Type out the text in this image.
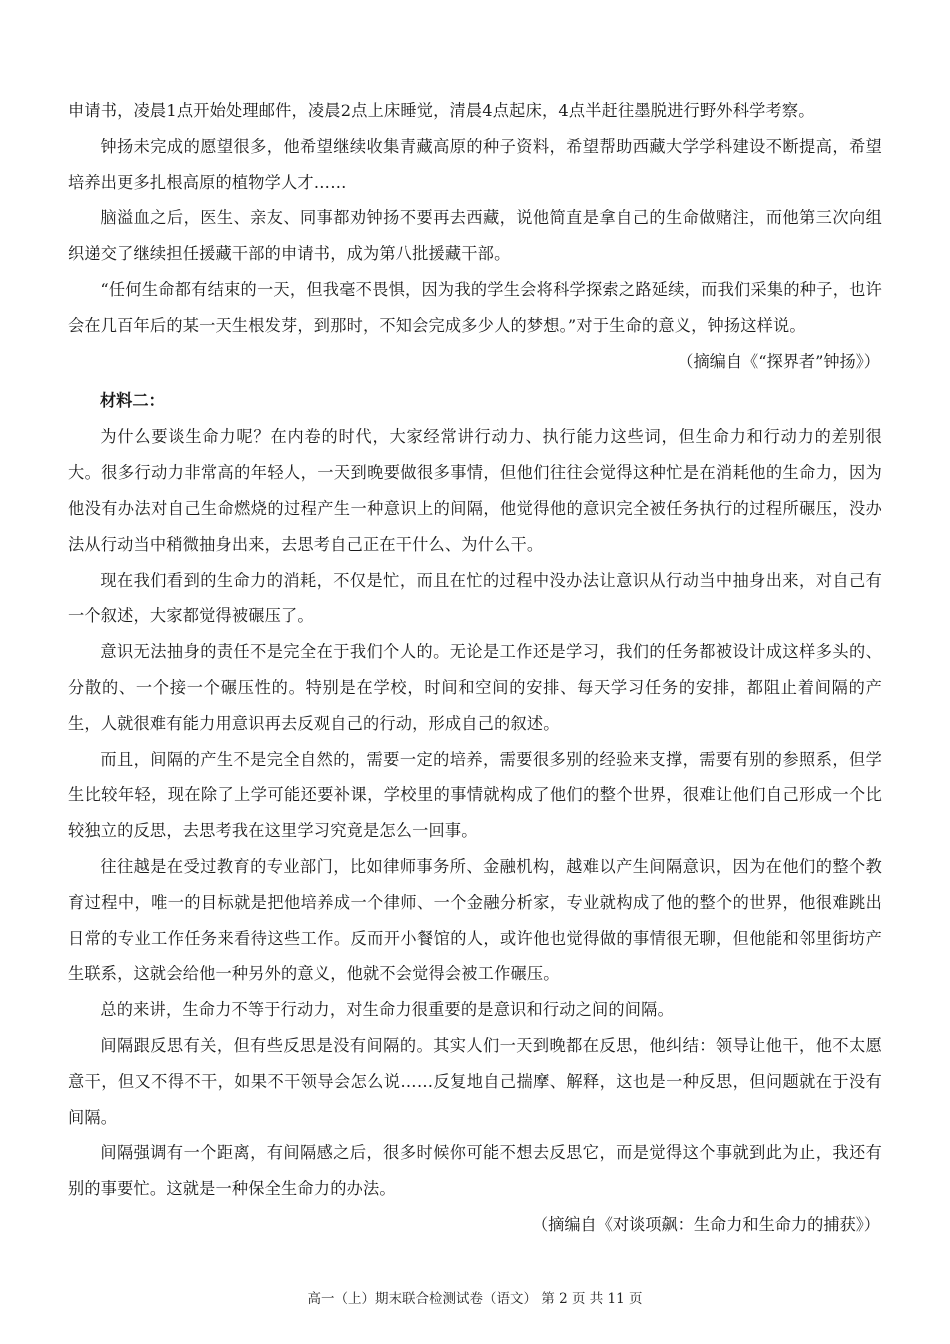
申请书，凌晨1点开始处理邮件，凌晨2点上床睡觉，清晨4点起床，4点半赶往墨脱进行野外科学考察。

钟扬未完成的愿望很多，他希望继续收集青藏高原的种子资料，希望帮助西藏大学学科建设不断提高，希望培养出更多扎根高原的植物学人才……

脑溢血之后，医生、亲友、同事都劝钟扬不要再去西藏，说他简直是拿自己的生命做赌注，而他第三次向组织递交了继续担任援藏干部的申请书，成为第八批援藏干部。

“任何生命都有结束的一天，但我毫不畏惧，因为我的学生会将科学探索之路延续，而我们采集的种子，也许会在几百年后的某一天生根发芽，到那时，不知会完成多少人的梦想。”对于生命的意义，钟扬这样说。

（摘编自《“探界者”钟扬》）

材料二：

为什么要谈生命力呢？在内卷的时代，大家经常讲行动力、执行能力这些词，但生命力和行动力的差别很大。很多行动力非常高的年轻人，一天到晚要做很多事情，但他们往往会觉得这种忙是在消耗他的生命力，因为他没有办法对自己生命燃烧的过程产生一种意识上的间隔，他觉得他的意识完全被任务执行的过程所碾压，没办法从行动当中稍微抽身出来，去思考自己正在干什么、为什么干。

现在我们看到的生命力的消耗，不仅是忙，而且在忙的过程中没办法让意识从行动当中抽身出来，对自己有一个叙述，大家都觉得被碾压了。

意识无法抽身的责任不是完全在于我们个人的。无论是工作还是学习，我们的任务都被设计成这样多头的、分散的、一个接一个碾压性的。特别是在学校，时间和空间的安排、每天学习任务的安排，都阻止着间隔的产生，人就很难有能力用意识再去反观自己的行动，形成自己的叙述。

而且，间隔的产生不是完全自然的，需要一定的培养，需要很多别的经验来支撑，需要有别的参照系，但学生比较年轻，现在除了上学可能还要补课，学校里的事情就构成了他们的整个世界，很难让他们自己形成一个比较独立的反思，去思考我在这里学习究竟是怎么一回事。

往往越是在受过教育的专业部门，比如律师事务所、金融机构，越难以产生间隔意识，因为在他们的整个教育过程中，唯一的目标就是把他培养成一个律师、一个金融分析家，专业就构成了他的整个的世界，他很难跳出日常的专业工作任务来看待这些工作。反而开小餐馆的人，或许他也觉得做的事情很无聊，但他能和邻里街坊产生联系，这就会给他一种另外的意义，他就不会觉得会被工作碾压。

总的来讲，生命力不等于行动力，对生命力很重要的是意识和行动之间的间隔。

间隔跟反思有关，但有些反思是没有间隔的。其实人们一天到晚都在反思，他纠结：领导让他干，他不太愿意干，但又不得不干，如果不干领导会怎么说……反复地自己揣摩、解释，这也是一种反思，但问题就在于没有间隔。

间隔强调有一个距离，有间隔感之后，很多时候你可能不想去反思它，而是觉得这个事就到此为止，我还有别的事要忙。这就是一种保全生命力的办法。

（摘编自《对谈项飙：生命力和生命力的捕获》）

高一（上）期末联合检测试卷（语文） 第 2 页 共 11 页
